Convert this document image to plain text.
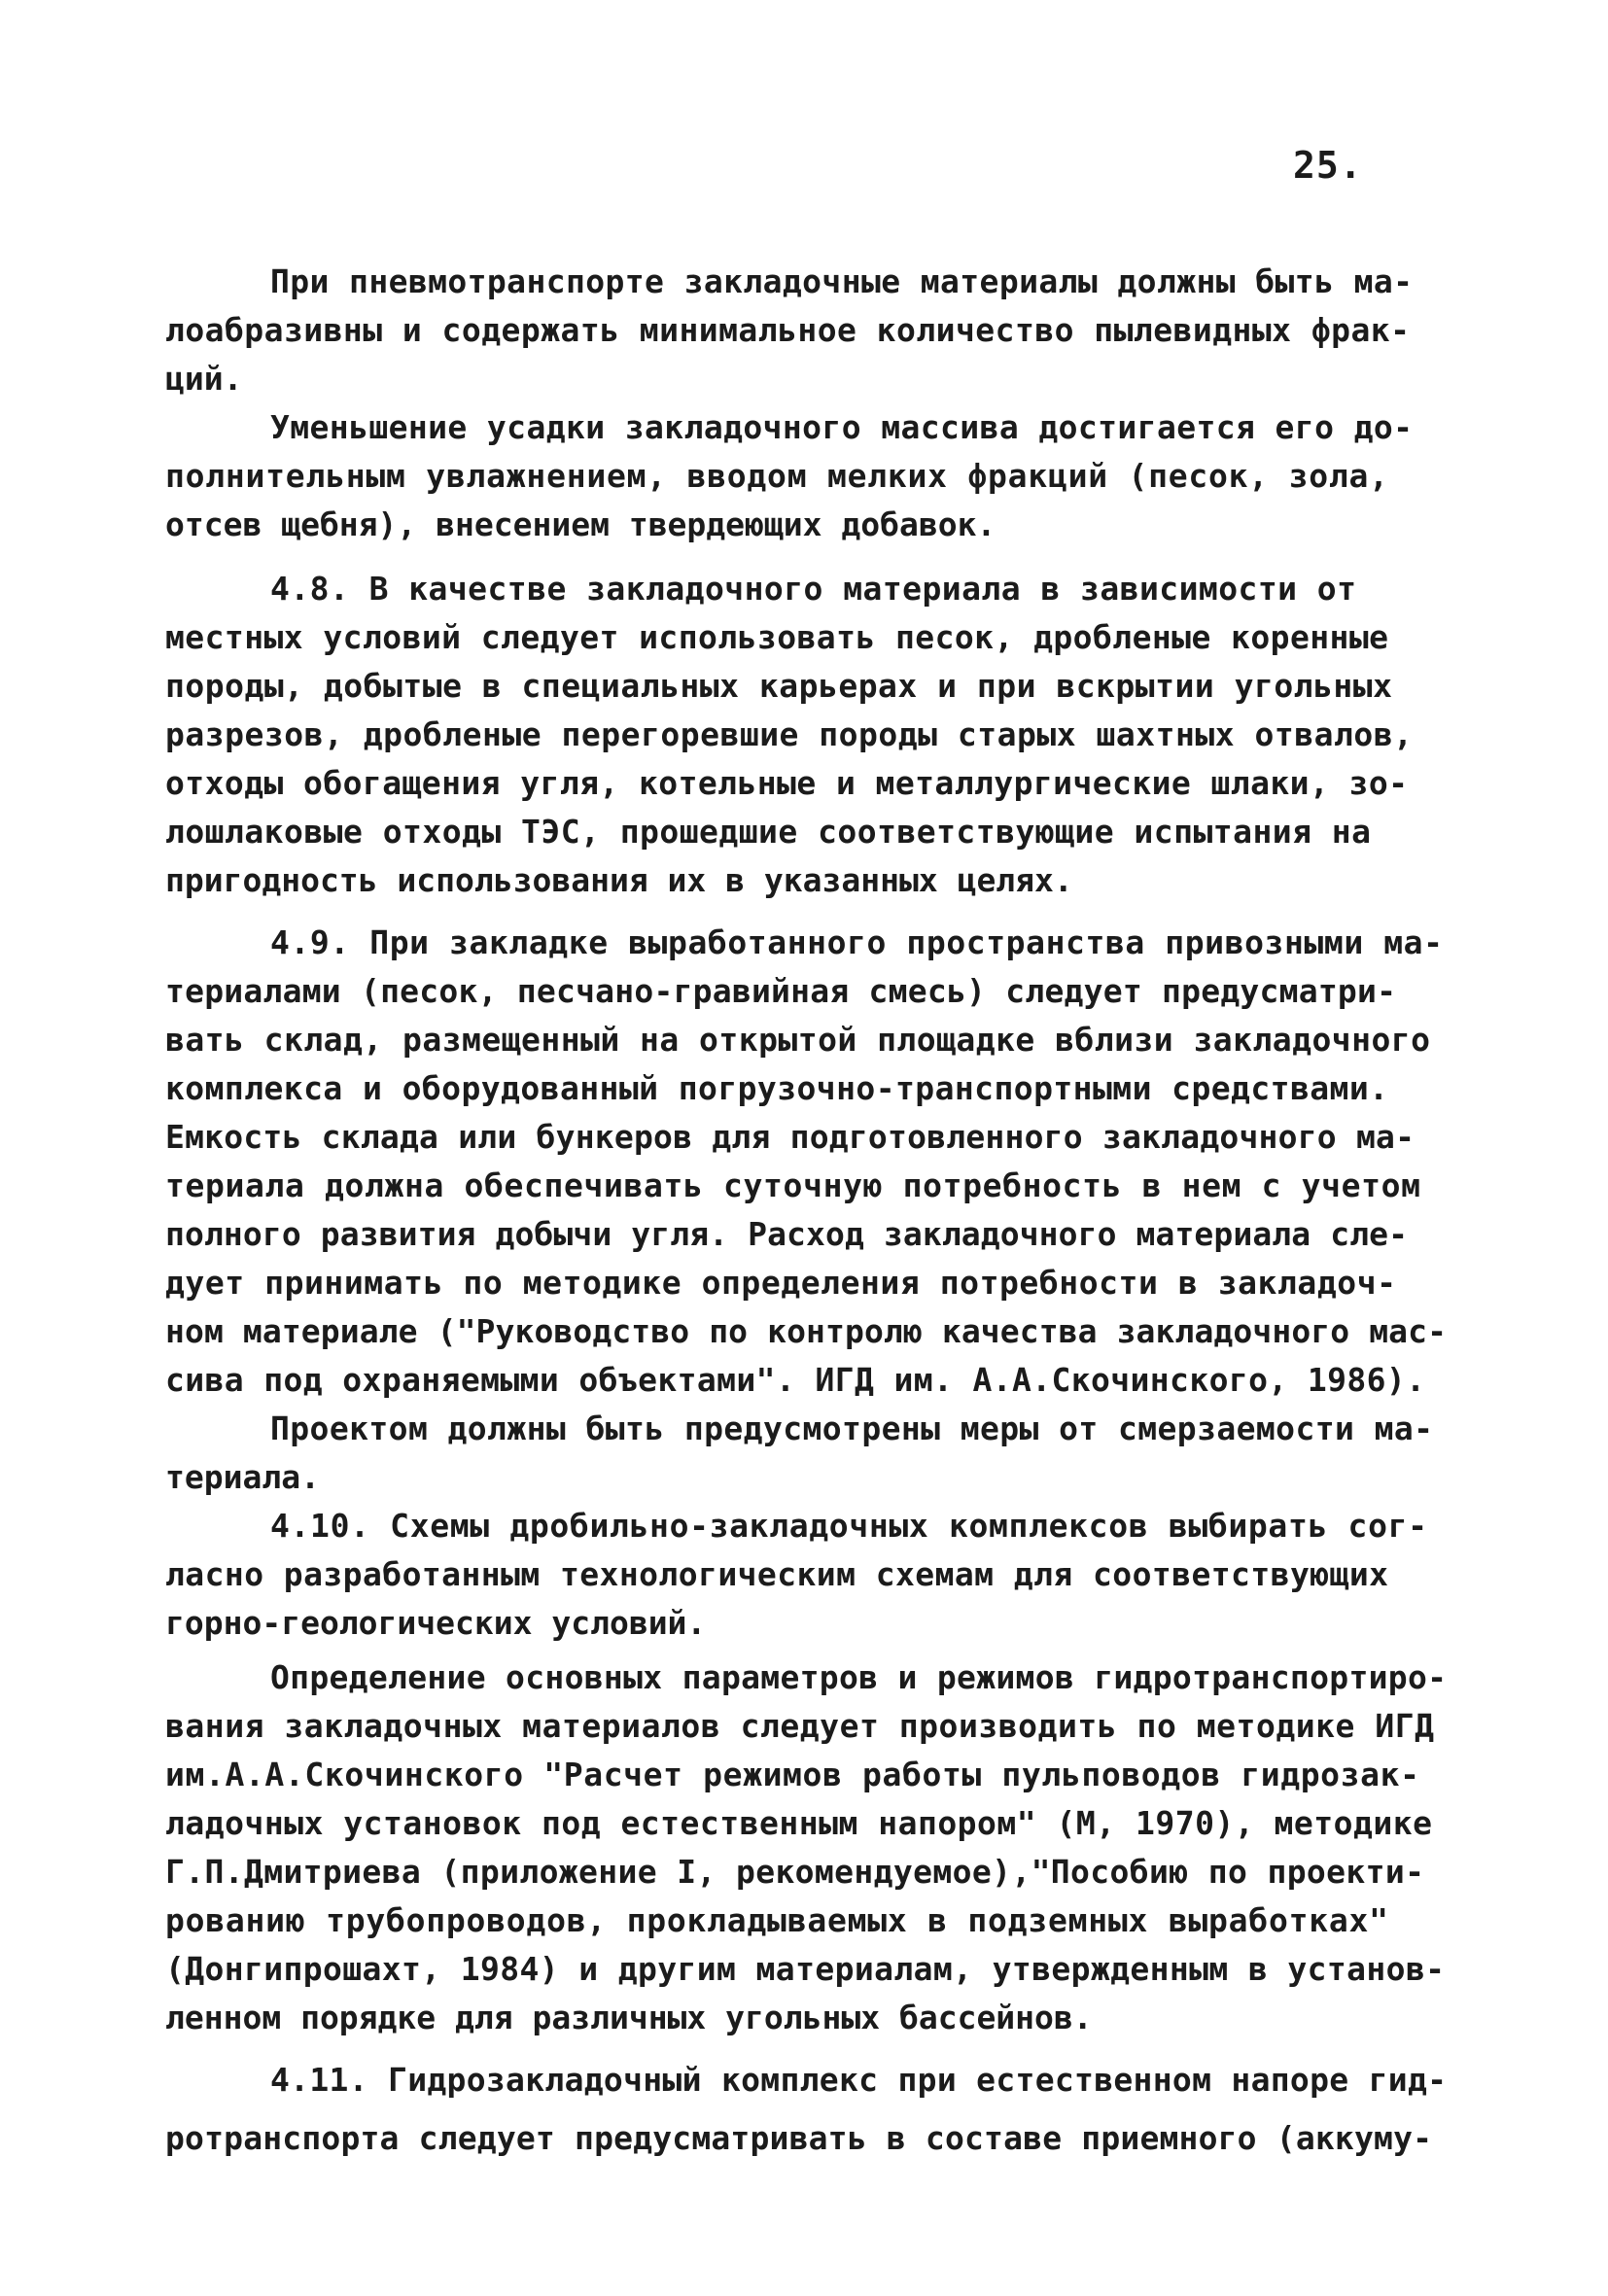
25.
При пневмотранспорте закладочные материалы должны быть ма-
лоабразивны и содержать минимальное количество пылевидных фрак-
ций.
Уменьшение усадки закладочного массива достигается его до-
полнительным увлажнением, вводом мелких фракций (песок, зола,
отсев щебня), внесением твердеющих добавок.
4.8. В качестве закладочного материала в зависимости от
местных условий следует использовать песок, дробленые коренные
породы, добытые в специальных карьерах и при вскрытии угольных
разрезов, дробленые перегоревшие породы старых шахтных отвалов,
отходы обогащения угля, котельные и металлургические шлаки, зо-
лошлаковые отходы ТЭС, прошедшие соответствующие испытания на
пригодность использования их в указанных целях.
4.9. При закладке выработанного пространства привозными ма-
териалами (песок, песчано-гравийная смесь) следует предусматри-
вать склад, размещенный на открытой площадке вблизи закладочного
комплекса и оборудованный погрузочно-транспортными средствами.
Емкость склада или бункеров для подготовленного закладочного ма-
териала должна обеспечивать суточную потребность в нем с учетом
полного развития добычи угля. Расход закладочного материала сле-
дует принимать по методике определения потребности в закладоч-
ном материале ("Руководство по контролю качества закладочного мас-
сива под охраняемыми объектами". ИГД им. А.А.Скочинского, 1986).
Проектом должны быть предусмотрены меры от смерзаемости ма-
териала.
4.10. Схемы дробильно-закладочных комплексов выбирать сог-
ласно разработанным технологическим схемам для соответствующих
горно-геологических условий.
Определение основных параметров и режимов гидротранспортиро-
вания закладочных материалов следует производить по методике ИГД
им.А.А.Скочинского "Расчет режимов работы пульповодов гидрозак-
ладочных установок под естественным напором" (М, 1970), методике
Г.П.Дмитриева (приложение I, рекомендуемое),"Пособию по проекти-
рованию трубопроводов, прокладываемых в подземных выработках"
(Донгипрошахт, 1984) и другим материалам, утвержденным в установ-
ленном порядке для различных угольных бассейнов.
4.11. Гидрозакладочный комплекс при естественном напоре гид-
ротранспорта следует предусматривать в составе приемного (аккуму-
